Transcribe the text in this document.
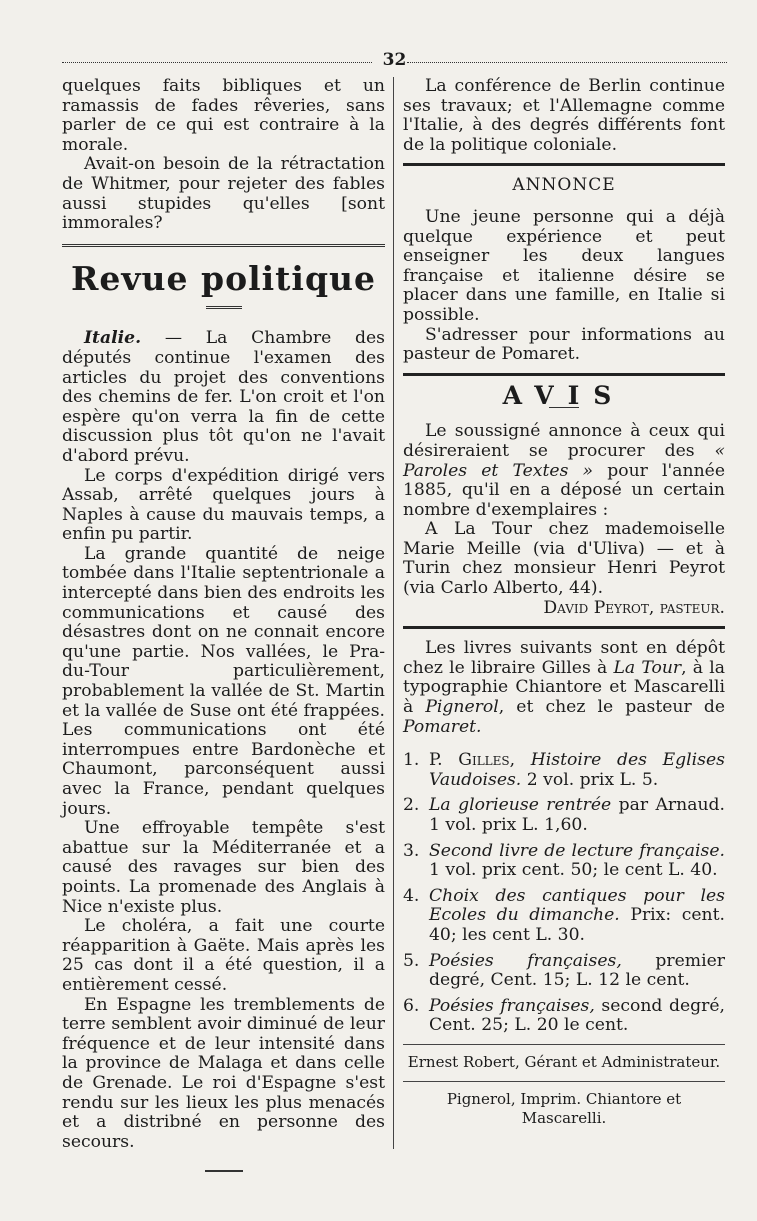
32

quelques faits bibliques et un ramassis de fades rêveries, sans parler de ce qui est contraire à la morale.

Avait-on besoin de la rétractation de Whitmer, pour rejeter des fables aussi stupides qu'elles [sont immorales?

Revue politique

Italie. — La Chambre des députés continue l'examen des articles du projet des conventions des chemins de fer. L'on croit et l'on espère qu'on verra la fin de cette discussion plus tôt qu'on ne l'avait d'abord prévu.

Le corps d'expédition dirigé vers Assab, arrêté quelques jours à Naples à cause du mauvais temps, a enfin pu partir.

La grande quantité de neige tombée dans l'Italie septentrionale a intercepté dans bien des endroits les communications et causé des désastres dont on ne connait encore qu'une partie. Nos vallées, le Pra-du-Tour particulièrement, probablement la vallée de St. Martin et la vallée de Suse ont été frappées. Les communications ont été interrompues entre Bardonèche et Chaumont, parconséquent aussi avec la France, pendant quelques jours.

Une effroyable tempête s'est abattue sur la Méditerranée et a causé des ravages sur bien des points. La promenade des Anglais à Nice n'existe plus.

Le choléra, a fait une courte réapparition à Gaëte. Mais après les 25 cas dont il a été question, il a entièrement cessé.

En Espagne les tremblements de terre semblent avoir diminué de leur fréquence et de leur intensité dans la province de Malaga et dans celle de Grenade. Le roi d'Espagne s'est rendu sur les lieux les plus menacés et a distribné en personne des secours.

La conférence de Berlin continue ses travaux; et l'Allemagne comme l'Italie, à des degrés différents font de la politique coloniale.

ANNONCE

Une jeune personne qui a déjà quelque expérience et peut enseigner les deux langues française et italienne désire se placer dans une famille, en Italie si possible.

S'adresser pour informations au pasteur de Pomaret.

AVIS

Le soussigné annonce à ceux qui désireraient se procurer des « Paroles et Textes » pour l'année 1885, qu'il en a déposé un certain nombre d'exemplaires :

A La Tour chez mademoiselle Marie Meille (via d'Uliva) — et à Turin chez monsieur Henri Peyrot (via Carlo Alberto, 44).

David Peyrot, pasteur.

Les livres suivants sont en dépôt chez le libraire Gilles à La Tour, à la typographie Chiantore et Mascarelli à Pignerol, et chez le pasteur de Pomaret.

1. P. Gilles, Histoire des Eglises Vaudoises. 2 vol. prix L. 5.
2. La glorieuse rentrée par Arnaud. 1 vol. prix L. 1,60.
3. Second livre de lecture française. 1 vol. prix cent. 50; le cent L. 40.
4. Choix des cantiques pour les Ecoles du dimanche. Prix: cent. 40; les cent L. 30.
5. Poésies françaises, premier degré, Cent. 15; L. 12 le cent.
6. Poésies françaises, second degré, Cent. 25; L. 20 le cent.
Ernest Robert, Gérant et Administrateur.
Pignerol, Imprim. Chiantore et Mascarelli.
